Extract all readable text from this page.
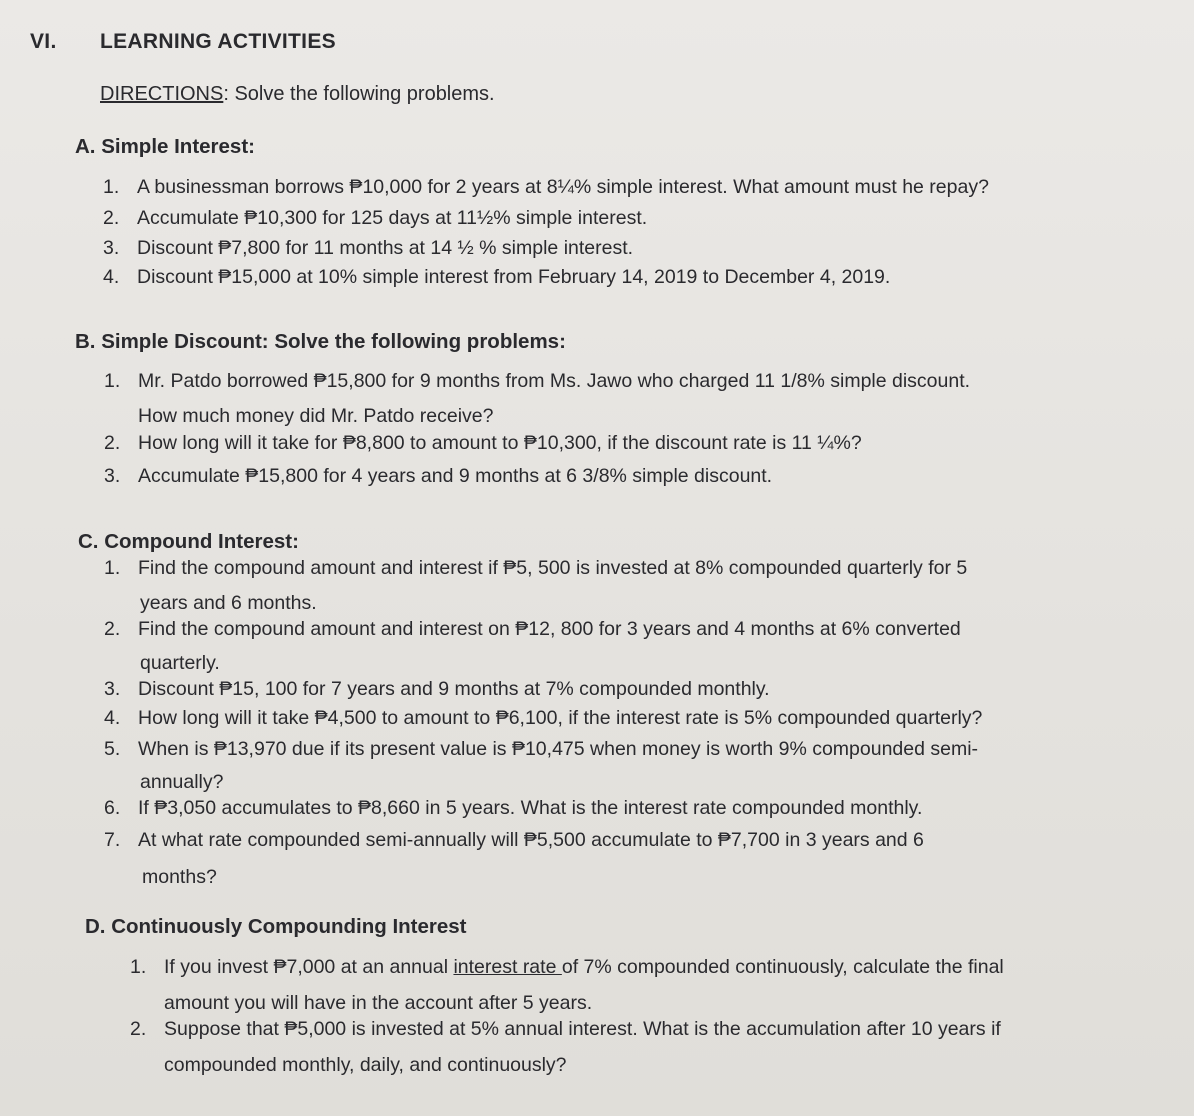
VI. LEARNING ACTIVITIES
DIRECTIONS: Solve the following problems.
A. Simple Interest:
1. A businessman borrows ₱10,000 for 2 years at 8¼% simple interest. What amount must he repay?
2. Accumulate ₱10,300 for 125 days at 11½% simple interest.
3. Discount ₱7,800 for 11 months at 14 ½ % simple interest.
4. Discount ₱15,000 at 10% simple interest from February 14, 2019 to December 4, 2019.
B. Simple Discount: Solve the following problems:
1. Mr. Patdo borrowed ₱15,800 for 9 months from Ms. Jawo who charged 11 1/8% simple discount.
How much money did Mr. Patdo receive?
2. How long will it take for ₱8,800 to amount to ₱10,300, if the discount rate is 11 ¼%?
3. Accumulate ₱15,800 for 4 years and 9 months at 6 3/8% simple discount.
C. Compound Interest:
1. Find the compound amount and interest if ₱5, 500 is invested at 8% compounded quarterly for 5
years and 6 months.
2. Find the compound amount and interest on ₱12, 800 for 3 years and 4 months at 6% converted
quarterly.
3. Discount ₱15, 100 for 7 years and 9 months at 7% compounded monthly.
4. How long will it take ₱4,500 to amount to ₱6,100, if the interest rate is 5% compounded quarterly?
5. When is ₱13,970 due if its present value is ₱10,475 when money is worth 9% compounded semi-
annually?
6. If ₱3,050 accumulates to ₱8,660 in 5 years. What is the interest rate compounded monthly.
7. At what rate compounded semi-annually will ₱5,500 accumulate to ₱7,700 in 3 years and 6
months?
D. Continuously Compounding Interest
1. If you invest ₱7,000 at an annual interest rate of 7% compounded continuously, calculate the final
amount you will have in the account after 5 years.
2. Suppose that ₱5,000 is invested at 5% annual interest. What is the accumulation after 10 years if
compounded monthly, daily, and continuously?
